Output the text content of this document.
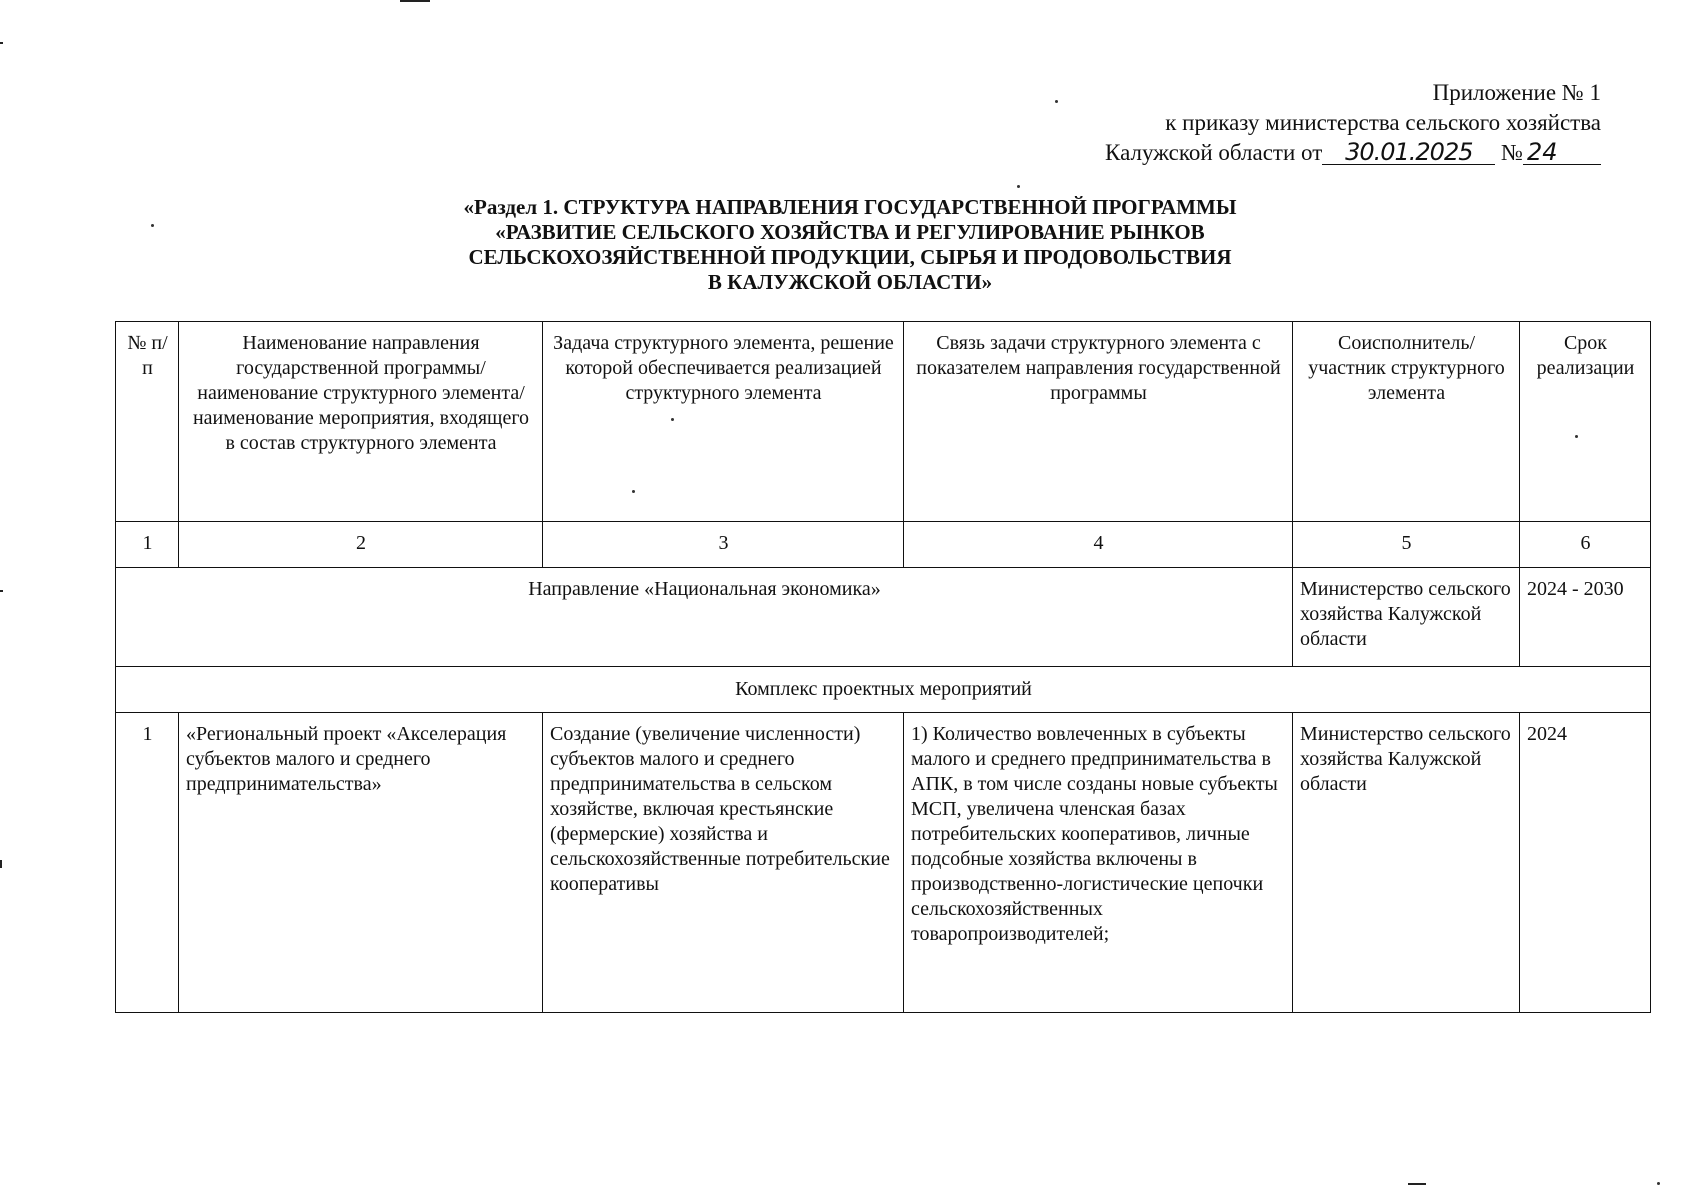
Приложение № 1
к приказу министерства сельского хозяйства
Калужской области от 30.01.2025 № 24
«Раздел 1. СТРУКТУРА НАПРАВЛЕНИЯ ГОСУДАРСТВЕННОЙ ПРОГРАММЫ
«РАЗВИТИЕ СЕЛЬСКОГО ХОЗЯЙСТВА И РЕГУЛИРОВАНИЕ РЫНКОВ
СЕЛЬСКОХОЗЯЙСТВЕННОЙ ПРОДУКЦИИ, СЫРЬЯ И ПРОДОВОЛЬСТВИЯ
В КАЛУЖСКОЙ ОБЛАСТИ»
№ п/п	Наименование направления государственной программы/наименование структурного элемента/наименование мероприятия, входящего в состав структурного элемента	Задача структурного элемента, решение которой обеспечивается реализацией структурного элемента	Связь задачи структурного элемента с показателем направления государственной программы	Соисполнитель/участник структурного элемента	Срок реализации
1	2	3	4	5	6
Направление «Национальная экономика»				Министерство сельского хозяйства Калужской области	2024 - 2030
Комплекс проектных мероприятий					
1	«Региональный проект «Акселерация субъектов малого и среднего предпринимательства»	Создание (увеличение численности) субъектов малого и среднего предпринимательства в сельском хозяйстве, включая крестьянские (фермерские) хозяйства и сельскохозяйственные потребительские кооперативы	1) Количество вовлеченных в субъекты малого и среднего предпринимательства в АПК, в том числе созданы новые субъекты МСП, увеличена членская базах потребительских кооперативов, личные подсобные хозяйства включены в производственно-логистические цепочки сельскохозяйственных товаропроизводителей;	Министерство сельского хозяйства Калужской области	2024
